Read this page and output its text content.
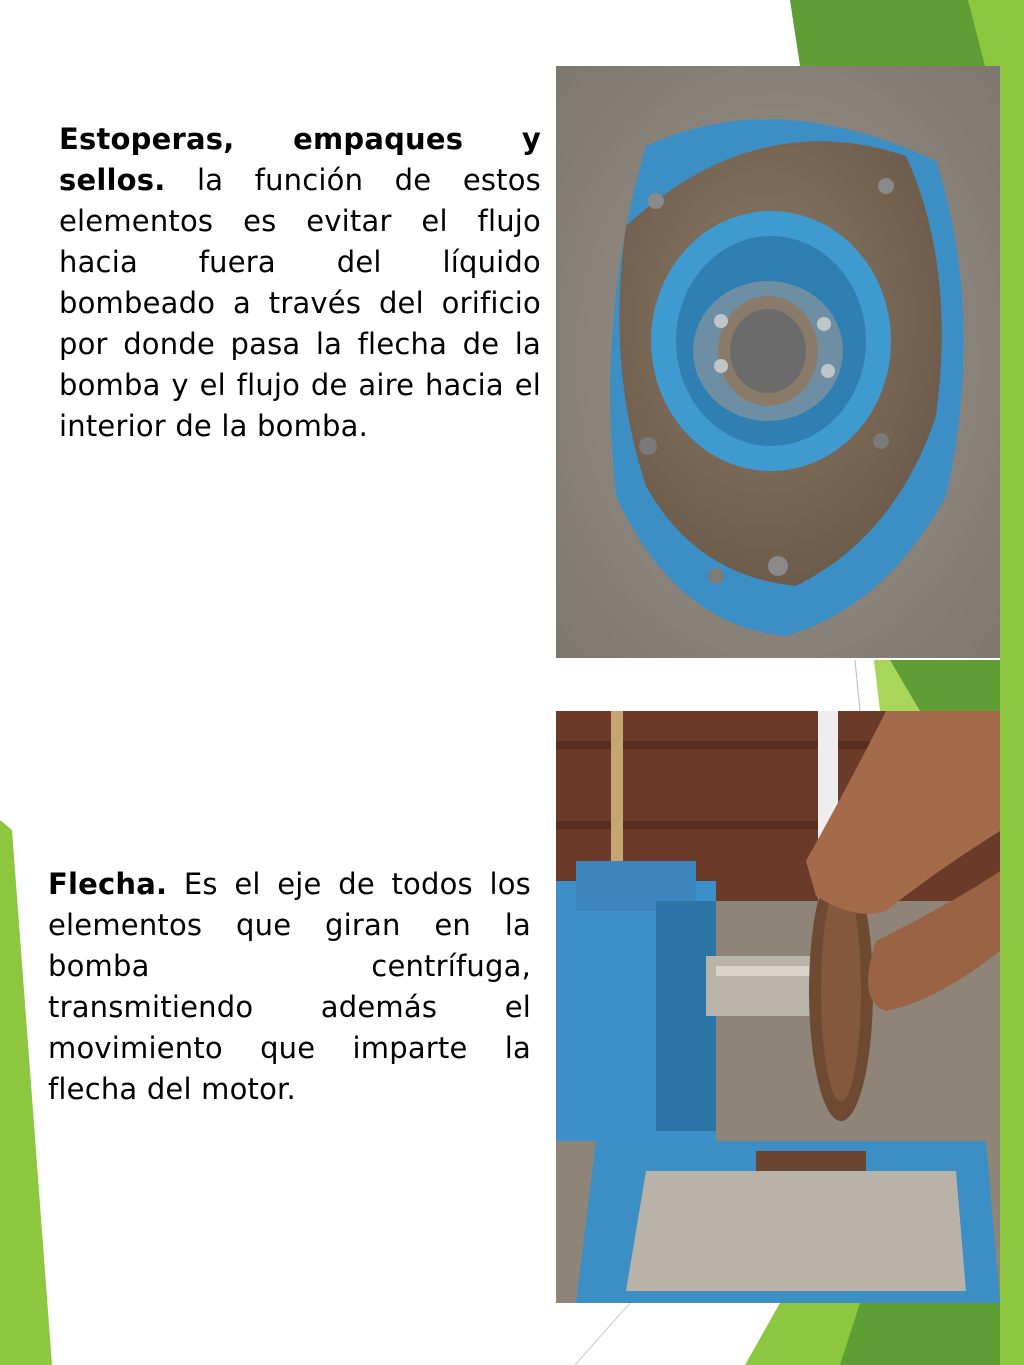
Estoperas, empaques y sellos. la función de estos elementos es evitar el flujo hacia fuera del líquido bombeado a través del orificio por donde pasa la flecha de la bomba y el flujo de aire hacia el interior de la bomba.
Flecha. Es el eje de todos los elementos que giran en la bomba centrífuga, transmitiendo además el movimiento que imparte la flecha del motor.
